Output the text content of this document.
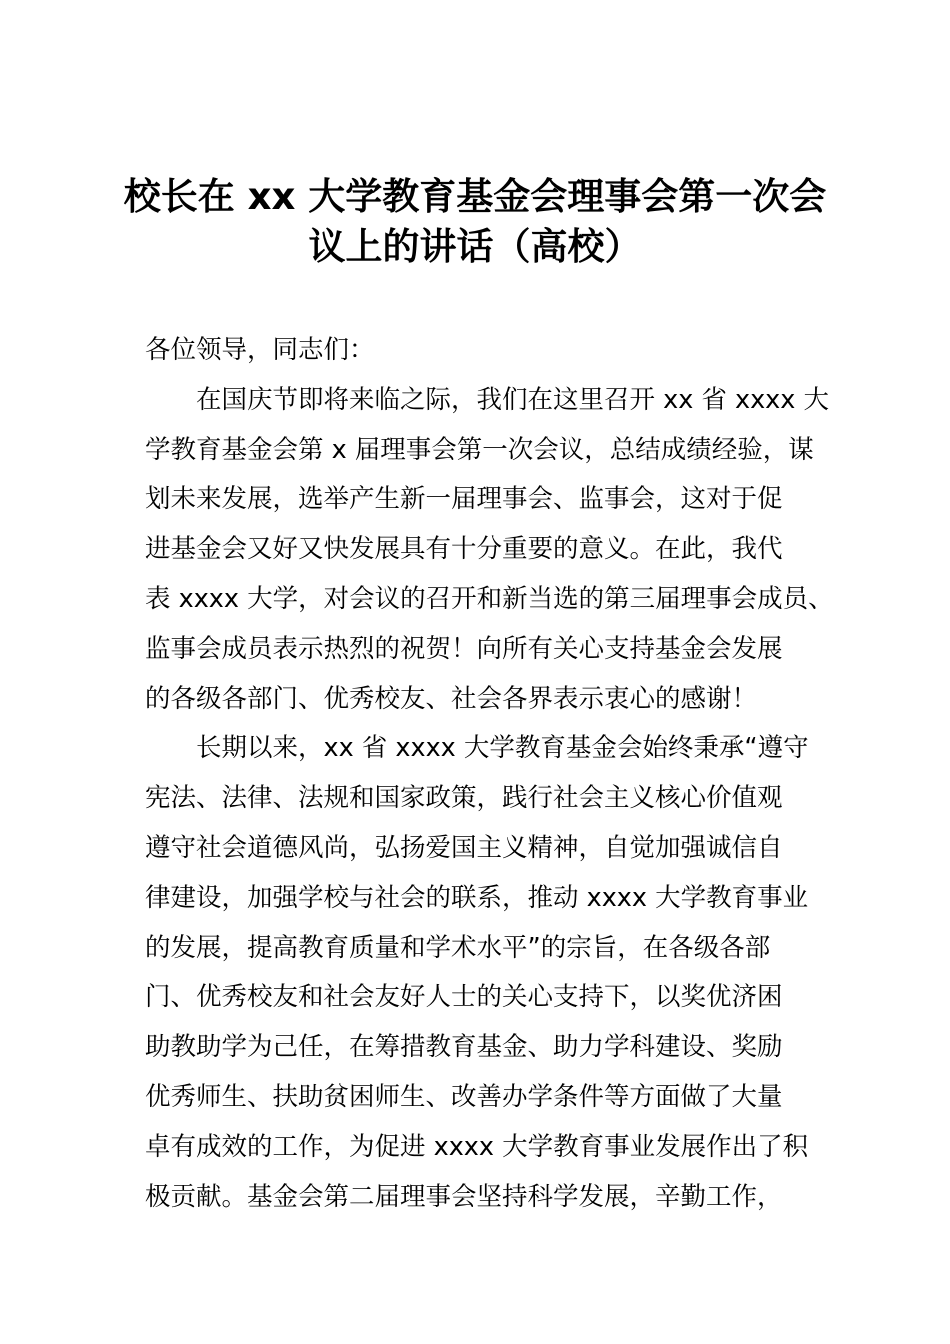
校长在 xx 大学教育基金会理事会第一次会
议上的讲话（高校）
各位领导，同志们：
在国庆节即将来临之际，我们在这里召开 xx 省 xxxx 大
学教育基金会第 x 届理事会第一次会议，总结成绩经验，谋
划未来发展，选举产生新一届理事会、监事会，这对于促
进基金会又好又快发展具有十分重要的意义。在此，我代
表 xxxx 大学，对会议的召开和新当选的第三届理事会成员、
监事会成员表示热烈的祝贺！向所有关心支持基金会发展
的各级各部门、优秀校友、社会各界表示衷心的感谢！
长期以来，xx 省 xxxx 大学教育基金会始终秉承“遵守
宪法、法律、法规和国家政策，践行社会主义核心价值观
遵守社会道德风尚，弘扬爱国主义精神，自觉加强诚信自
律建设，加强学校与社会的联系，推动 xxxx 大学教育事业
的发展，提高教育质量和学术水平”的宗旨，在各级各部
门、优秀校友和社会友好人士的关心支持下，以奖优济困
助教助学为己任，在筹措教育基金、助力学科建设、奖励
优秀师生、扶助贫困师生、改善办学条件等方面做了大量
卓有成效的工作，为促进 xxxx 大学教育事业发展作出了积
极贡献。基金会第二届理事会坚持科学发展，辛勤工作，
